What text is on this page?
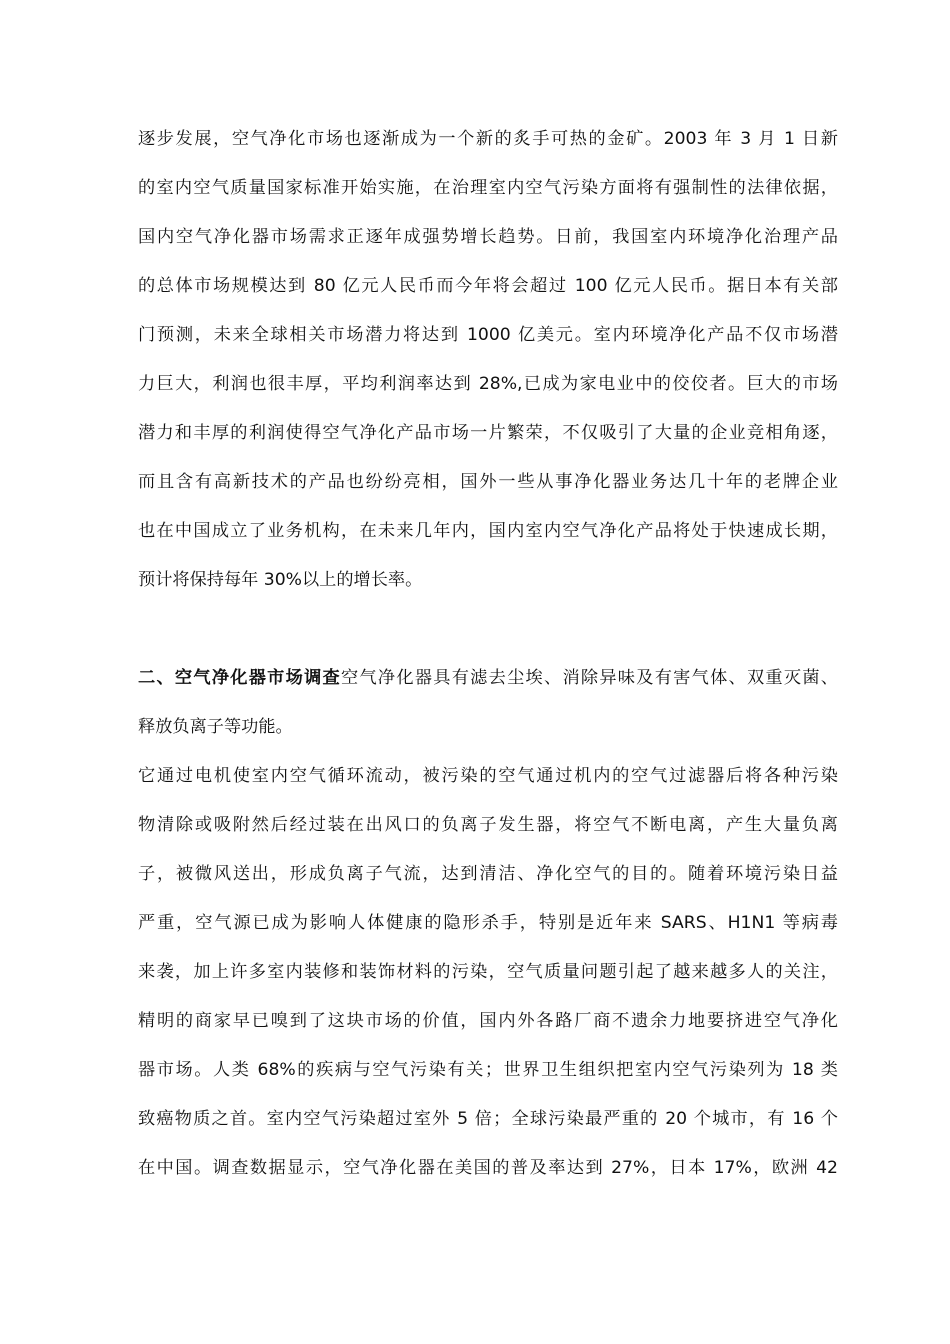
逐步发展，空气净化市场也逐渐成为一个新的炙手可热的金矿。2003 年 3 月 1 日新
的室内空气质量国家标准开始实施，在治理室内空气污染方面将有强制性的法律依据，
国内空气净化器市场需求正逐年成强势增长趋势。日前，我国室内环境净化治理产品
的总体市场规模达到 80 亿元人民币而今年将会超过 100 亿元人民币。据日本有关部
门预测，未来全球相关市场潜力将达到 1000 亿美元。室内环境净化产品不仅市场潜
力巨大，利润也很丰厚，平均利润率达到 28%,已成为家电业中的佼佼者。巨大的市场
潜力和丰厚的利润使得空气净化产品市场一片繁荣，不仅吸引了大量的企业竞相角逐，
而且含有高新技术的产品也纷纷亮相，国外一些从事净化器业务达几十年的老牌企业
也在中国成立了业务机构，在未来几年内，国内室内空气净化产品将处于快速成长期，
预计将保持每年 30%以上的增长率。
二、空气净化器市场调查空气净化器具有滤去尘埃、消除异味及有害气体、双重灭菌、
释放负离子等功能。
它通过电机使室内空气循环流动，被污染的空气通过机内的空气过滤器后将各种污染
物清除或吸附然后经过装在出风口的负离子发生器，将空气不断电离，产生大量负离
子，被微风送出，形成负离子气流，达到清洁、净化空气的目的。随着环境污染日益
严重，空气源已成为影响人体健康的隐形杀手，特别是近年来 SARS、H1N1 等病毒
来袭，加上许多室内装修和装饰材料的污染，空气质量问题引起了越来越多人的关注，
精明的商家早已嗅到了这块市场的价值，国内外各路厂商不遗余力地要挤进空气净化
器市场。人类 68%的疾病与空气污染有关；世界卫生组织把室内空气污染列为 18 类
致癌物质之首。室内空气污染超过室外 5 倍；全球污染最严重的 20 个城市，有 16 个
在中国。调查数据显示，空气净化器在美国的普及率达到 27%，日本 17%，欧洲 42
